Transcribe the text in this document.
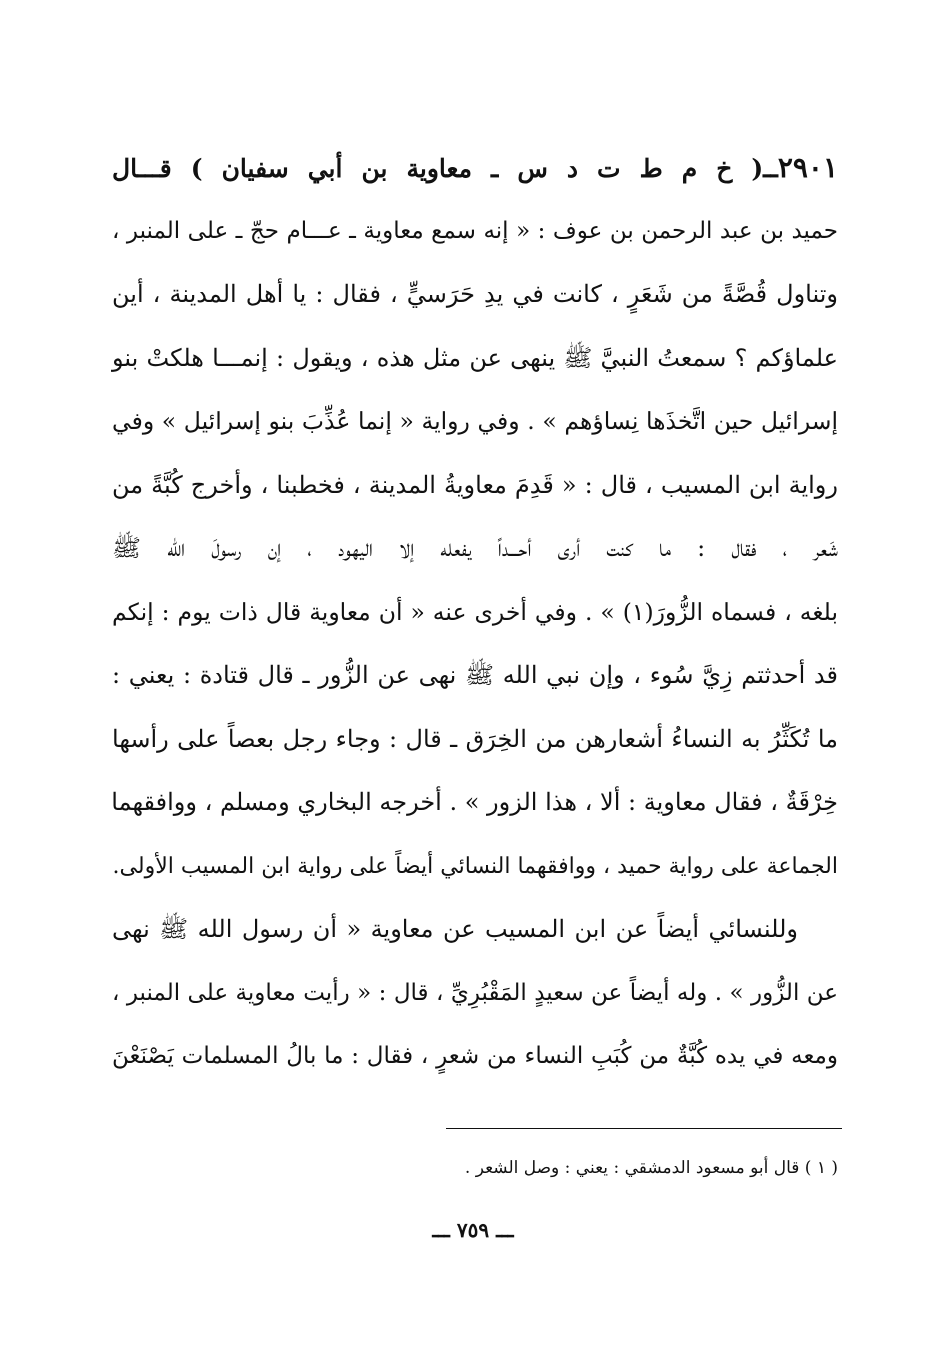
٢٩٠١ــ( خ م ط ت د س ـ معاوية بن أبي سفيان ) قـــال
حميد بن عبد الرحمن بن عوف : « إنه سمع معاوية ـ عـــام حجّ ـ على المنبر ،
وتناول قُصَّةً من شَعَرٍ ، كانت في يدِ حَرَسيٍّ ، فقال : يا أهل المدينة ، أين
علماؤكم ؟ سمعتُ النبيَّ ﷺ ينهى عن مثل هذه ، ويقول : إنمـــا هلكتْ بنو
إسرائيل حين اتَّخذَها نِساؤهم » . وفي رواية « إنما عُذِّبَ بنو إسرائيل » وفي
رواية ابن المسيب ، قال : « قَدِمَ معاويةُ المدينة ، فخطبنا ، وأخرج كُبَّةً من
شَعر ، فقال : ما كنت أرى أحـــداً يفعله إلا اليهود ، إن رسولَ الله ﷺ
بلغه ، فسماه الزُّورَ(١) » . وفي أخرى عنه « أن معاوية قال ذات يوم : إنكم
قد أحدثتم زِيَّ سُوء ، وإن نبي الله ﷺ نهى عن الزُّور ـ قال قتادة : يعني :
ما تُكَثِّرُ به النساءُ أشعارهن من الخِرَق ـ قال : وجاء رجل بعصاً على رأسها
خِرْقَةٌ ، فقال معاوية : ألا ، هذا الزور » . أخرجه البخاري ومسلم ، ووافقهما
الجماعة على رواية حميد ، ووافقهما النسائي أيضاً على رواية ابن المسيب الأولى.
وللنسائي أيضاً عن ابن المسيب عن معاوية « أن رسول الله ﷺ نهى
عن الزُّور » . وله أيضاً عن سعيدٍ المَقْبُرِيِّ ، قال : « رأيت معاوية على المنبر ،
ومعه في يده كُبَّةٌ من كُبَبِ النساء من شعرٍ ، فقال : ما بالُ المسلمات يَصْنَعْنَ
( ١ ) قال أبو مسعود الدمشقي : يعني : وصل الشعر .
ـــ ٧٥٩ ـــ
